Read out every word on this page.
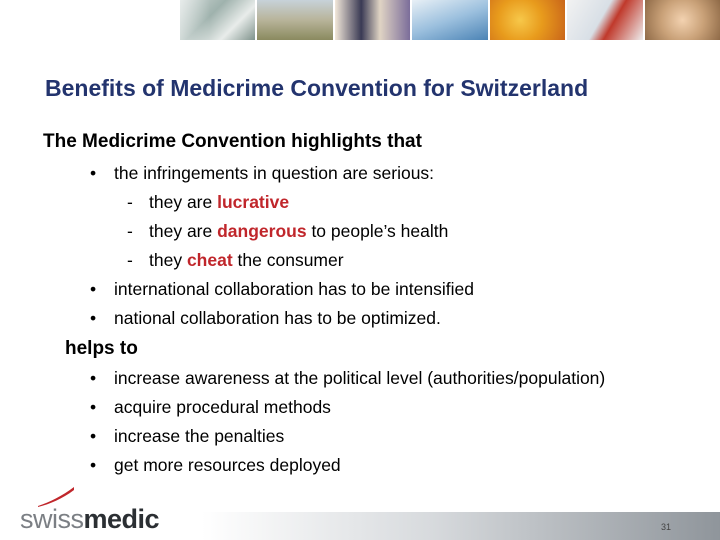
Benefits of Medicrime Convention for Switzerland
The Medicrime Convention highlights that
• the infringements in question are serious:
- they are lucrative
- they are dangerous to people’s health
- they cheat the consumer
• international collaboration has to be intensified
• national collaboration has to be optimized.
helps to
• increase awareness at the political level (authorities/population)
• acquire procedural methods
• increase the penalties
• get more resources deployed
swissmedic	31
